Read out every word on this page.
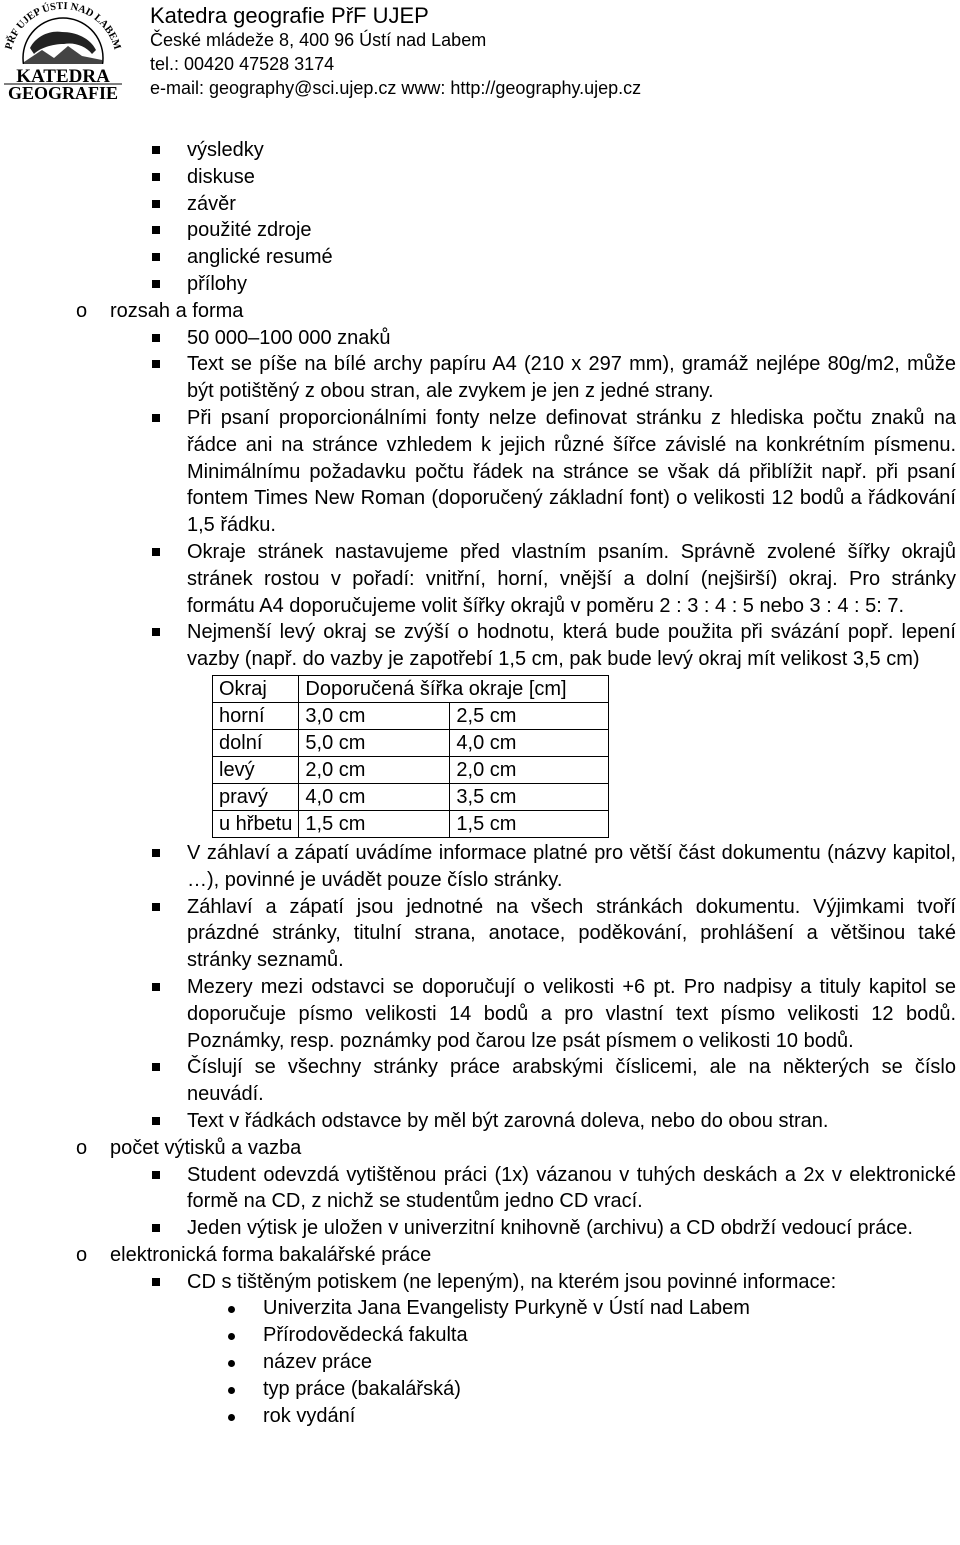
PŘF UJEP ÚSTÍ NAD LABEM
KATEDRA
GEOGRAFIE
Katedra geografie PřF UJEP
České mládeže 8, 400 96 Ústí nad Labem
tel.: 00420 47528 3174
e-mail: geography@sci.ujep.cz www: http://geography.ujep.cz
výsledky
diskuse
závěr
použité zdroje
anglické resumé
přílohy
o rozsah a forma
50 000–100 000 znaků
Text se píše na bílé archy papíru A4 (210 x 297 mm), gramáž nejlépe 80g/m2, může být potištěný z obou stran, ale zvykem je jen z jedné strany.
Při psaní proporcionálními fonty nelze definovat stránku z hlediska počtu znaků na řádce ani na stránce vzhledem k jejich různé šířce závislé na konkrétním písmenu. Minimálnímu požadavku počtu řádek na stránce se však dá přiblížit např. při psaní fontem Times New Roman (doporučený základní font) o velikosti 12 bodů a řádkování 1,5 řádku.
Okraje stránek nastavujeme před vlastním psaním. Správně zvolené šířky okrajů stránek rostou v pořadí: vnitřní, horní, vnější a dolní (nejširší) okraj. Pro stránky formátu A4 doporučujeme volit šířky okrajů v poměru 2 : 3 : 4 : 5 nebo 3 : 4 : 5: 7.
Nejmenší levý okraj se zvýší o hodnotu, která bude použita při svázání popř. lepení vazby (např. do vazby je zapotřebí 1,5 cm, pak bude levý okraj mít velikost 3,5 cm)
Okraj	Doporučená šířka okraje [cm]	
horní	3,0 cm	2,5 cm
dolní	5,0 cm	4,0 cm
levý	2,0 cm	2,0 cm
pravý	4,0 cm	3,5 cm
u hřbetu	1,5 cm	1,5 cm
V záhlaví a zápatí uvádíme informace platné pro větší část dokumentu (názvy kapitol, …), povinné je uvádět pouze číslo stránky.
Záhlaví a zápatí jsou jednotné na všech stránkách dokumentu. Výjimkami tvoří prázdné stránky, titulní strana, anotace, poděkování, prohlášení a většinou také stránky seznamů.
Mezery mezi odstavci se doporučují o velikosti +6 pt. Pro nadpisy a tituly kapitol se doporučuje písmo velikosti 14 bodů a pro vlastní text písmo velikosti 12 bodů. Poznámky, resp. poznámky pod čarou lze psát písmem o velikosti 10 bodů.
Číslují se všechny stránky práce arabskými číslicemi, ale na některých se číslo neuvádí.
Text v řádkách odstavce by měl být zarovná doleva, nebo do obou stran.
o počet výtisků a vazba
Student odevzdá vytištěnou práci (1x) vázanou v tuhých deskách a 2x v elektronické formě na CD, z nichž se studentům jedno CD vrací.
Jeden výtisk je uložen v univerzitní knihovně (archivu) a CD obdrží vedoucí práce.
o elektronická forma bakalářské práce
CD s tištěným potiskem (ne lepeným), na kterém jsou povinné informace:
Univerzita Jana Evangelisty Purkyně v Ústí nad Labem
Přírodovědecká fakulta
název práce
typ práce (bakalářská)
rok vydání
